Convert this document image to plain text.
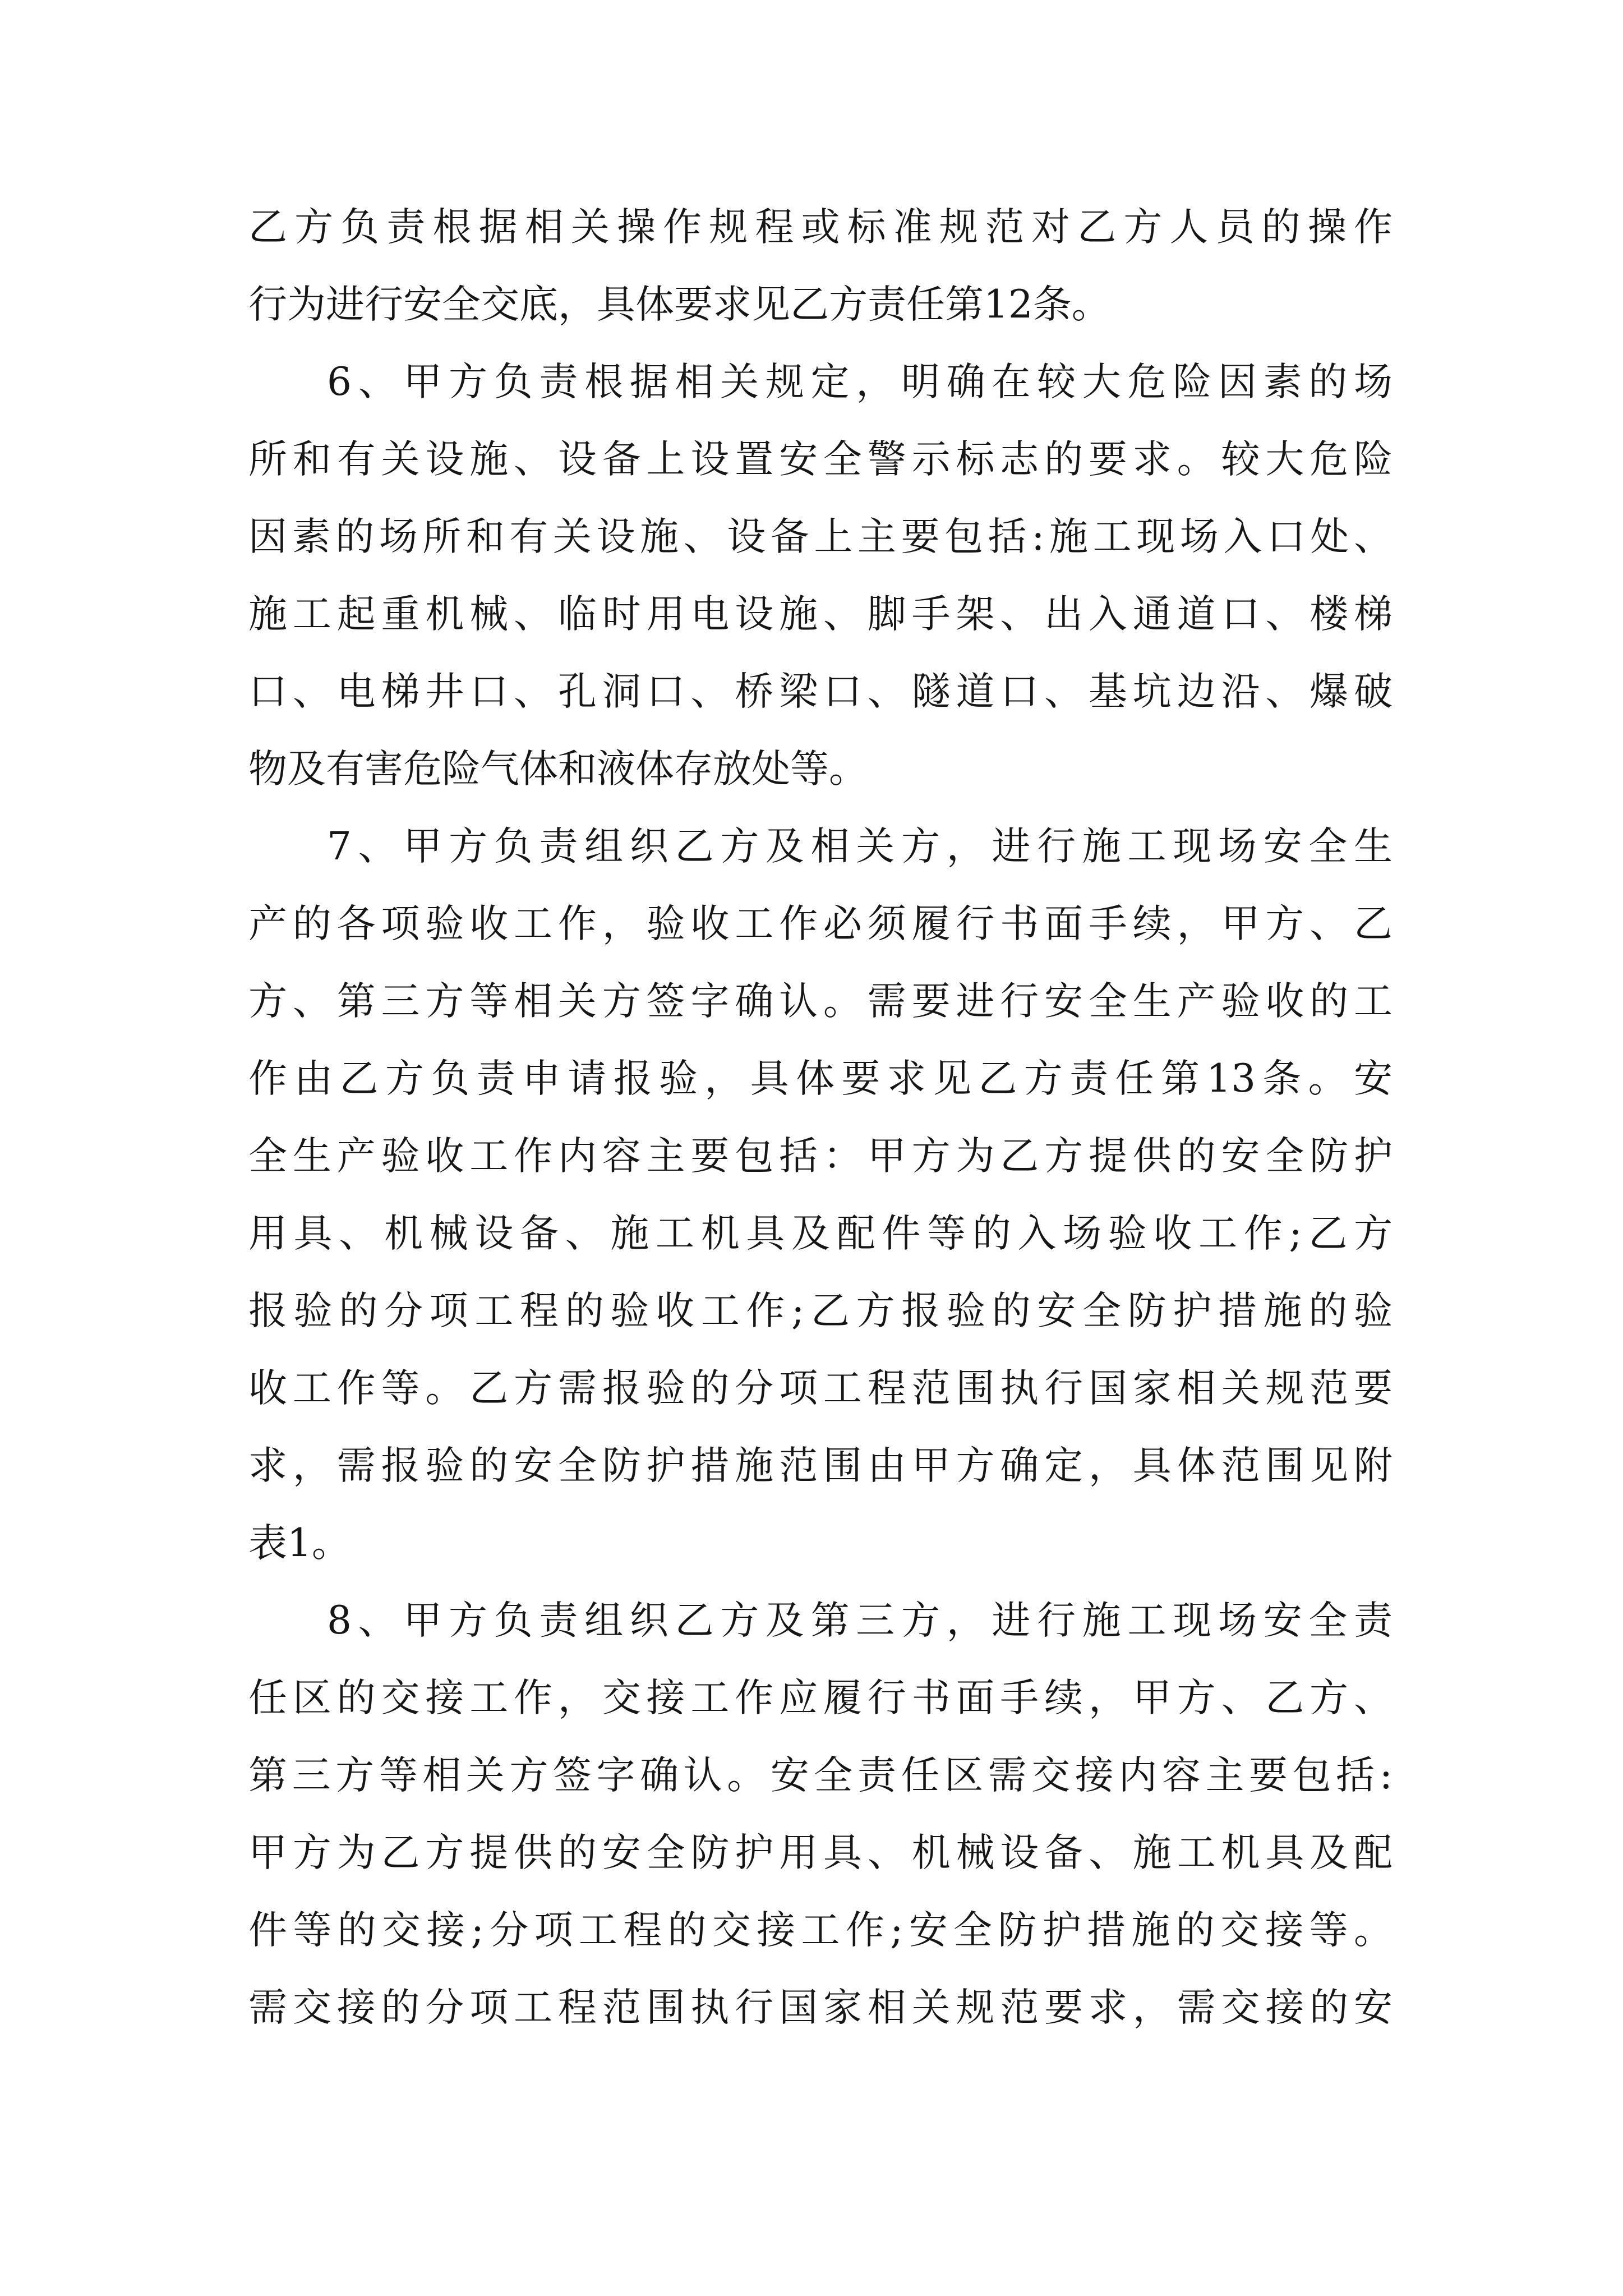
乙方负责根据相关操作规程或标准规范对乙方人员的操作
行为进行安全交底，具体要求见乙方责任第12条。
6、甲方负责根据相关规定，明确在较大危险因素的场
所和有关设施、设备上设置安全警示标志的要求。较大危险
因素的场所和有关设施、设备上主要包括:施工现场入口处、
施工起重机械、临时用电设施、脚手架、出入通道口、楼梯
口、电梯井口、孔洞口、桥梁口、隧道口、基坑边沿、爆破
物及有害危险气体和液体存放处等。
7、甲方负责组织乙方及相关方，进行施工现场安全生
产的各项验收工作，验收工作必须履行书面手续，甲方、乙
方、第三方等相关方签字确认。需要进行安全生产验收的工
作由乙方负责申请报验，具体要求见乙方责任第13条。安
全生产验收工作内容主要包括：甲方为乙方提供的安全防护
用具、机械设备、施工机具及配件等的入场验收工作;乙方
报验的分项工程的验收工作;乙方报验的安全防护措施的验
收工作等。乙方需报验的分项工程范围执行国家相关规范要
求，需报验的安全防护措施范围由甲方确定，具体范围见附
表1。
8、甲方负责组织乙方及第三方，进行施工现场安全责
任区的交接工作，交接工作应履行书面手续，甲方、乙方、
第三方等相关方签字确认。安全责任区需交接内容主要包括:
甲方为乙方提供的安全防护用具、机械设备、施工机具及配
件等的交接;分项工程的交接工作;安全防护措施的交接等。
需交接的分项工程范围执行国家相关规范要求，需交接的安
